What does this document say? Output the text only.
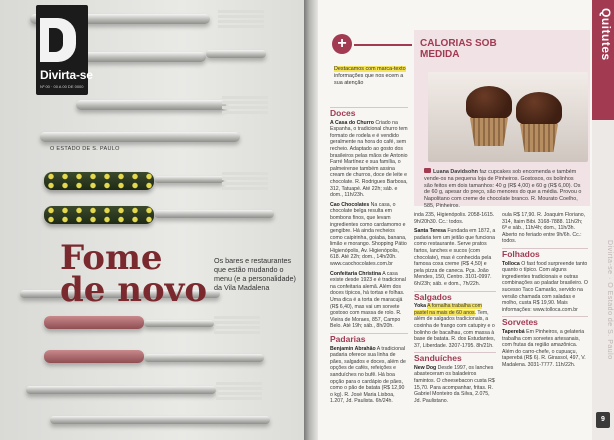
Divirta-se
Nº 00 · 00 A 00 DE 0000
O ESTADO DE S. PAULO
Fome de novo
Os bares e restaurantes que estão mudando o menu (e a personalidade) da Vila Madalena
Quitutes
Divirta-se · O Estado de S. Paulo
9
+
Destacamos com marca-texto informações que nos ecem a sua atenção
CALORIAS SOB MEDIDA
Luana Davidsohn faz cupcakes sob encomenda e também vende-os na pequena loja de Pinheiros. Gostosos, os bolinhos são feitos em dois tamanhos: 40 g (R$ 4,00) e 60 g (R$ 6,00). Os de 60 g, apesar do preço, são menores do que a média. Provou o Napolitano com creme de chocolate branco. R. Mourato Coelho, 585, Pinheiros.
Doces

A Casa do Churro Criado na Espanha, o tradicional churro tem formato de rodela e é vendido geralmente na hora do café, sem recheio. Adaptado ao gosto dos brasileiros pelas mãos de Antonio Farré Martínez e sua família, o palmeirense também assina cream de churros, doce de leite e chocolate. R. Rodrigues Barbosa, 312, Tatuapé. Até 22h; sáb. e dom., 11h/23h.

Cao Chocolates Na casa, o chocolate belga resulta em bombons finos, que levam ingredientes como cardamomo e gengibre. Há ainda recheios como caipirinha, goiaba, banana, limão e morango. Shopping Pátio Higienópolis, Av. Higienópolis, 618. Até 22h; dom., 14h/20h. www.caochocolates.com.br

Confeitaria Christina A casa existe desde 1923 e é tradicional na confeitaria alemã. Além dos doces típicos, há tortas e folhas. Uma dica é a torta de maracujá (R$ 6,40), mas vai um sorvete gostoso com massa de rolo. R. Vieira de Moraes, 857, Campo Belo. Até 19h; sáb., 8h/20h.

Padarias

Benjamin Abrahão A tradicional padaria oferece sua linha de pães, salgados e doces, além de opções de cafés, refeições e sanduíches no bufê. Há boa opção para o cardápio de pães, como o pão de batata (R$ 12,90 o kg). R. José Maria Lisboa, 1.207, Jd. Paulista. 6h/24h.

inda 235, Higienópolis. 2058-1615. 9h/20h30. Cc.: todos.

Santa Teresa Fundada em 1872, a padaria tem um jeitão que funciona como restaurante. Serve pratos fartos, lanches e sucos (com chocolate), mas é conhecida pela famosa coxa creme (R$ 4,50) e pela pizza de caneca. Pça. João Mendes, 150, Centro. 3101-0997. 6h/23h; sáb. e dom., 7h/22h.

Salgados

Yoka A fornalha trabalha com pastel na mais de 60 anos. Tem, além de salgados tradicionais, a coxinha de frango com catupiry e o bolinho de bacalhau, com massa à base de batata. R. dos Estudantes, 37, Liberdade. 3207-1795. 8h/21h.

Sanduíches

New Dog Desde 1997, os lanches abasteceram os baladeiros famintos. O cheesebacon custa R$ 15,70. Para acompanhar, fritas. R. Gabriel Monteiro da Silva, 2.075, Jd. Paulistano.

oula R$ 17,90. R. Joaquim Floriano, 314, Itaim Bibi. 3168-7888. 11h/2h; 6ª e sáb., 11h/4h; dom., 11h/3h. Aberto no feriado entre 9h/6h. Cc.: todos.

Folhados

Tolloca O fast food surpreende tanto quanto o típico. Com alguns ingredientes tradicionais e outras combinações ao paladar brasileiro. O sucesso Taco Camarão, servido na versão chamada com saladas e molho, custa R$ 19,90. Mais informações: www.tolloca.com.br

Sorvetes

Taperebá Em Pinheiros, a gelateria trabalha com sorvetes artesanais, com frutas da região amazônica. Além do carro-chefe, o cupuaçu, taperebá (R$ 6). R. Girassol, 497, V. Madalena. 3031-7777. 11h/22h.
